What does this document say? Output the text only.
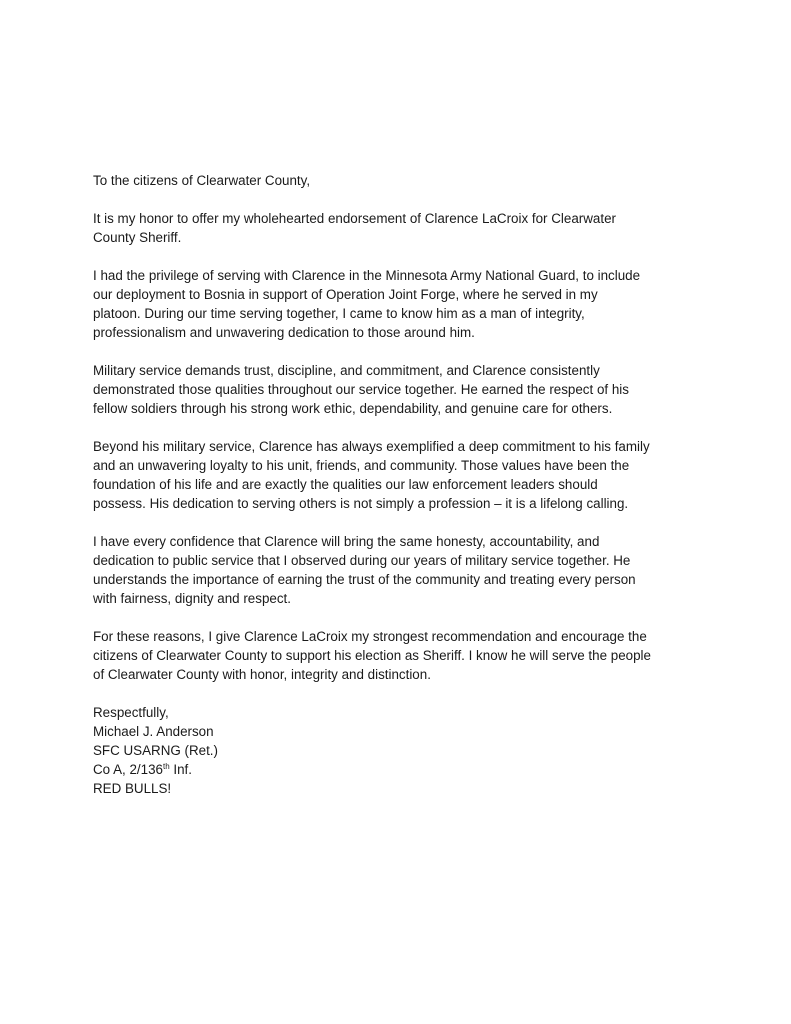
To the citizens of Clearwater County,

It is my honor to offer my wholehearted endorsement of Clarence LaCroix for Clearwater
County Sheriff.

I had the privilege of serving with Clarence in the Minnesota Army National Guard, to include
our deployment to Bosnia in support of Operation Joint Forge, where he served in my
platoon. During our time serving together, I came to know him as a man of integrity,
professionalism and unwavering dedication to those around him.

Military service demands trust, discipline, and commitment, and Clarence consistently
demonstrated those qualities throughout our service together. He earned the respect of his
fellow soldiers through his strong work ethic, dependability, and genuine care for others.

Beyond his military service, Clarence has always exemplified a deep commitment to his family
and an unwavering loyalty to his unit, friends, and community. Those values have been the
foundation of his life and are exactly the qualities our law enforcement leaders should
possess. His dedication to serving others is not simply a profession – it is a lifelong calling.

I have every confidence that Clarence will bring the same honesty, accountability, and
dedication to public service that I observed during our years of military service together. He
understands the importance of earning the trust of the community and treating every person
with fairness, dignity and respect.

For these reasons, I give Clarence LaCroix my strongest recommendation and encourage the
citizens of Clearwater County to support his election as Sheriff. I know he will serve the people
of Clearwater County with honor, integrity and distinction.

Respectfully,

Michael J. Anderson

SFC USARNG (Ret.)

Co A, 2/136th Inf.

RED BULLS!
